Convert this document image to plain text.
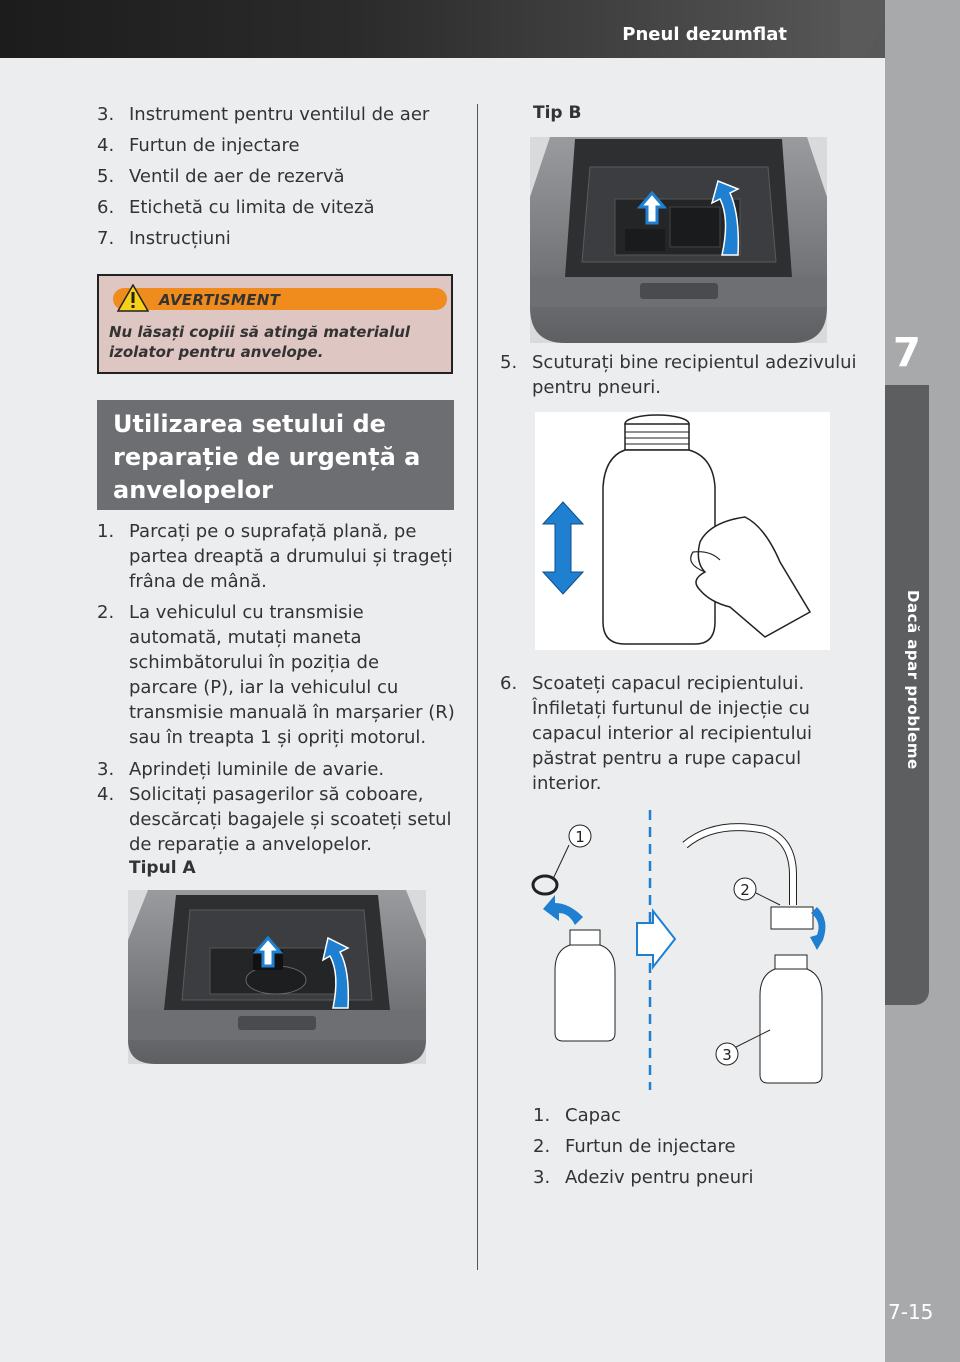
Pneul dezumflat
7
Dacă apar probleme
7-15
3. Instrument pentru ventilul de aer
4. Furtun de injectare
5. Ventil de aer de rezervă
6. Etichetă cu limita de viteză
7. Instrucțiuni
AVERTISMENT
Nu lăsați copiii să atingă materialul izolator pentru anvelope.
Utilizarea setului de reparație de urgență a anvelopelor
1. Parcați pe o suprafață plană, pe
partea dreaptă a drumului și trageți
frâna de mână.
2. La vehiculul cu transmisie
automată, mutați maneta
schimbătorului în poziția de
parcare (P), iar la vehiculul cu
transmisie manuală în marșarier (R)
sau în treapta 1 și opriți motorul.
3. Aprindeți luminile de avarie.
4. Solicitați pasagerilor să coboare,
descărcați bagajele și scoateți setul
de reparație a anvelopelor.
Tipul A
Tip B
5. Scuturați bine recipientul adezivului
pentru pneuri.
6. Scoateți capacul recipientului.
Înfiletați furtunul de injecție cu
capacul interior al recipientului
păstrat pentru a rupe capacul
interior.
1
2
3
1. Capac
2. Furtun de injectare
3. Adeziv pentru pneuri
